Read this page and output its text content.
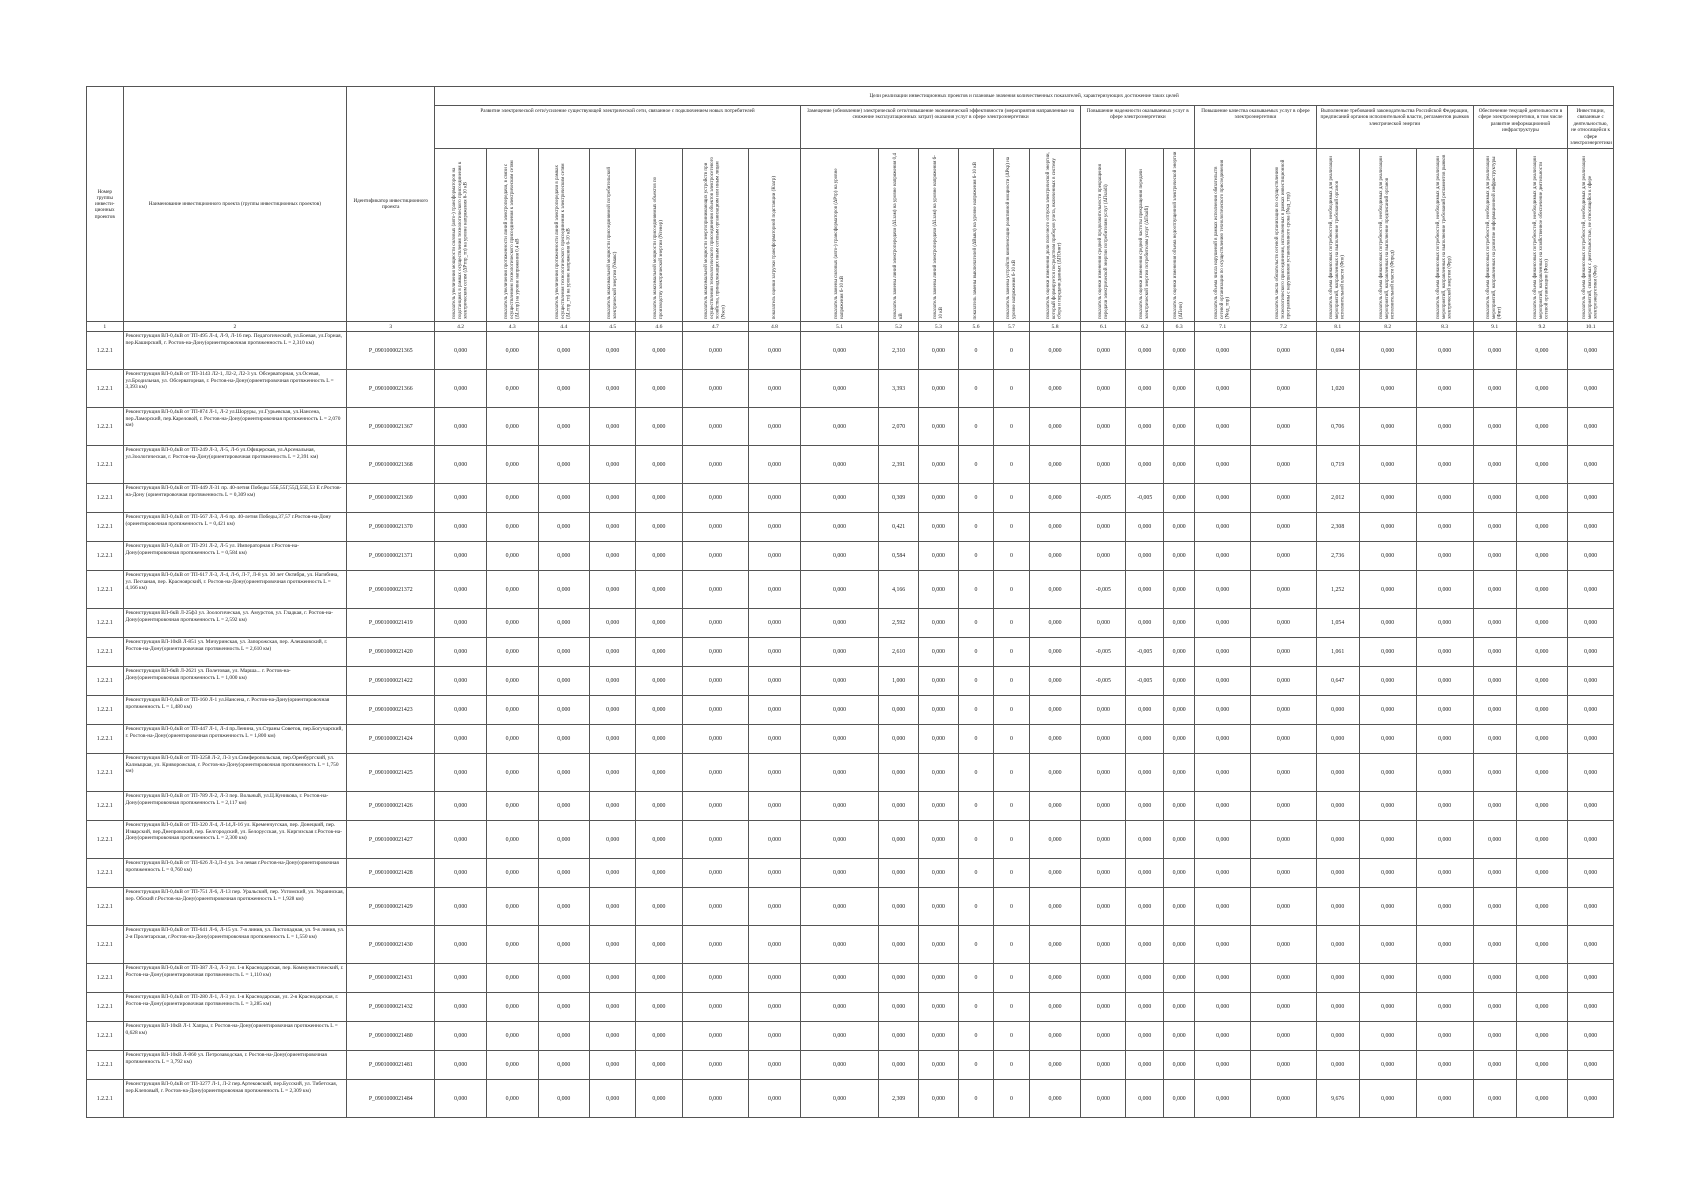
Номер группы инвести-ционных проектов	Наименование инвестиционного проекта (группы инвестиционных проектов)	Идентификатор инвестиционного проекта	Цели реализации инвестиционных проектов и плановые значения количественных показателей, характеризующих достижение таких целей																							
			Развитие электрической сети/усиление существующей электрической сети, связанное с подключением новых потребителей							Замещение (обновление) электрической сети/повышение экономической эффективности (мероприятия направленные на снижение эксплуатационных затрат) оказания услуг в сфере электроэнергетики						Повышение надежности оказываемых услуг в сфере электроэнергетики			Повышение качества оказываемых услуг в сфере электроэнергетики		Выполнение требований законодательства Российской Федерации, предписаний органов исполнительной власти, регламентов рынков электрической энергии			Обеспечение текущей деятельности в сфере электроэнергетики, в том числе развитие информационной инфраструктуры		Инвестиции, связанные с деятельностью, не относящейся к сфере электроэнергетики

			показатель увеличения мощности силовых (авто-) трансформаторов на подстанциях в рамках осуществления технологического присоединения к электрическим сетям (ΔPтпр_тп) на уровне напряжения 6-10 кВ	показатель увеличения протяженности линий электропередачи, в связи с осуществлением технологического присоединения к электрическим сетям (ΔLтпр) на уровне напряжения 0,4 кВ	показатель увеличения протяженности линий электропередачи в рамках осуществления технологического присоединения к электрическим сетям (ΔLтпр_тп) на уровне напряжения 6-10 кВ	показатель максимальной мощности присоединяемой потребительской электрической энергии (Nмакс)	показатель максимальной мощности присоединяемых объектов по производству электрической энергии (Nгенер)	показатель максимальной мощности энергопринимающих устройств при осуществлении технологического присоединения объектов электросетевого хозяйства, принадлежащих иным сетевым организациям или иным лицам (Nэсо)	показатель оценки загрузки трансформаторной подстанции (Кзагр)	показатель замены силовых (авто-) трансформаторов (ΔPтр) на уровне напряжения 6-10 кВ	показатель замены линий электропередачи (ΔLзам) на уровне напряжения 0,4 кВ	показатель замены линий электропередачи (ΔLзам) на уровне напряжения 6-10 кВ	показатель замены выключателей (ΔВыкл) на уровне напряжения 6-10 кВ	показатель замены устройств компенсации реактивной мощности (ΔPкр) на уровне напряжения 6-10 кВ	показатель оценки изменения доли полезного отпуска электрической энергии, который формируется посредством приборов учета, включенных в систему сбора и передачи данных (ΔПОинт)	показатель оценки изменения средней продолжительности прекращения передачи электрической энергии потребителям услуг (ΔПsaidi)	показатель оценки изменения средней частоты прекращения передачи электрической энергии потребителям услуг (ΔПsaifi)	показатель оценки изменения объема недоотпущенной электрической энергии (ΔПens)	показатель объема числа нарушений в рамках исполнения обязательств сетевой организации по осуществлению технологического присоединения (Nнд_тпр)	показатель числа обязательств сетевой организации по осуществлению технологического присоединения, исполненных в рамках инвестиционной программы с нарушением установленного срока (Nнд_тпр)	показатель объема финансовых потребностей, необходимых для реализации мероприятий, направленных на выполнение требований органов исполнительной власти (Фпо)	показатель объема финансовых потребностей, необходимых для реализации мероприятий, направленных на выполнение предписаний органов исполнительной власти (Фпред)	показатель объема финансовых потребностей, необходимых для реализации мероприятий, направленных на выполнение требований регламентов рынков электрической энергии (Фрр)	показатель объема финансовых потребностей, необходимых для реализации мероприятий, направленных на развитие информационной инфраструктуры (Фит)	показатель объема финансовых потребностей, необходимых для реализации мероприятий, направленных на хозяйственное обеспечение деятельности сетевой организации (Фхоз)	показатель объема финансовых потребностей, необходимых для реализации мероприятий, связанных с деятельностью, не относящейся к сфере электроэнергетики (Фнэ)

1	2	3	4.2	4.3	4.4	4.5	4.6	4.7	4.8	5.1	5.2	5.3	5.6	5.7	5.8	6.1	6.2	6.3	7.1	7.2	8.1	8.2	8.3	9.1	9.2	10.1
1.2.2.1	Реконструкция ВЛ-0,4кВ от ТП-495 Л-4, Л-9, Л-16 пер. Педагогический, ул.Боевая, ул.Горная, пер.Каширский, г. Ростов-на-Дону(ориентировочная протяженность L = 2,310 км)	P_0901000021365	0,000	0,000	0,000	0,000	0,000	0,000	0,000	0,000	2,310	0,000	0	0	0,000	0,000	0,000	0,000	0,000	0,000	0,694	0,000	0,000	0,000	0,000	0,000
1.2.2.1	Реконструкция ВЛ-0,4кВ от ТП-3143 Л2-1, Л2-2, Л2-3 ул. Обсерваторная, ул.Осевая, ул.Бродильная, ул. Обсерваторная, г. Ростов-на-Дону(ориентировочная протяженность L = 3,393 км)	P_0901000021366	0,000	0,000	0,000	0,000	0,000	0,000	0,000	0,000	3,393	0,000	0	0	0,000	0,000	0,000	0,000	0,000	0,000	1,020	0,000	0,000	0,000	0,000	0,000
1.2.2.1	Реконструкция ВЛ-0,4кВ от ТП-874 Л-1, Л-2 ул.Шоруры, ул.Гурьевская, ул.Нансена, пер.Ламорский, пер.Кареловой, г. Ростов-на-Дону(ориентировочная протяженность L = 2,070 км)	P_0901000021367	0,000	0,000	0,000	0,000	0,000	0,000	0,000	0,000	2,070	0,000	0	0	0,000	0,000	0,000	0,000	0,000	0,000	0,706	0,000	0,000	0,000	0,000	0,000
1.2.2.1	Реконструкция ВЛ-0,4кВ от ТП-249 Л-3, Л-5, Л-6 ул.Офицерская, ул.Арсенальная, ул.Зоологическая, г. Ростов-на-Дону(ориентировочная протяженность L = 2,391 км)	P_0901000021368	0,000	0,000	0,000	0,000	0,000	0,000	0,000	0,000	2,391	0,000	0	0	0,000	0,000	0,000	0,000	0,000	0,000	0,719	0,000	0,000	0,000	0,000	0,000
1.2.2.1	Реконструкция ВЛ-0,4кВ от ТП-449 Л-31 пр. 40-летия Победы 55Б,55Г,55Д,55Е,53 Е г.Ростов-на-Дону (ориентировочная протяженность L = 0,309 км)	P_0901000021369	0,000	0,000	0,000	0,000	0,000	0,000	0,000	0,000	0,309	0,000	0	0	0,000	-0,005	-0,005	0,000	0,000	0,000	2,012	0,000	0,000	0,000	0,000	0,000
1.2.2.1	Реконструкция ВЛ-0,4кВ от ТП-567 Л-3, Л-6 пр. 40-летия Победы,37,57 г.Ростов-на-Дону (ориентировочная протяженность L = 0,421 км)	P_0901000021370	0,000	0,000	0,000	0,000	0,000	0,000	0,000	0,000	0,421	0,000	0	0	0,000	0,000	0,000	0,000	0,000	0,000	2,308	0,000	0,000	0,000	0,000	0,000
1.2.2.1	Реконструкция ВЛ-0,4кВ от ТП-291 Л-2, Л-5 ул. Императорная г.Ростов-на-Дону(ориентировочная протяженность L = 0,584 км)	P_0901000021371	0,000	0,000	0,000	0,000	0,000	0,000	0,000	0,000	0,584	0,000	0	0	0,000	0,000	0,000	0,000	0,000	0,000	2,736	0,000	0,000	0,000	0,000	0,000
1.2.2.1	Реконструкция ВЛ-0,4кВ от ТП-617 Л-3, Л-4, Л-6, Л-7, Л-8 ул. 30 лет Октября, ул. Нагибина, ул. Песчаная, пер. Красноярский, г. Ростов-на-Дону(ориентировочная протяженность L = 4,166 км)	P_0901000021372	0,000	0,000	0,000	0,000	0,000	0,000	0,000	0,000	4,166	0,000	0	0	0,000	-0,005	0,000	0,000	0,000	0,000	1,252	0,000	0,000	0,000	0,000	0,000
1.2.2.1	Реконструкция ВЛ-6кВ Л-25ф3 ул. Зоологическая, ул. Амурстоя, ул. Гладкая, г. Ростов-на-Дону(ориентировочная протяженность L = 2,592 км)	P_0901000021419	0,000	0,000	0,000	0,000	0,000	0,000	0,000	0,000	2,592	0,000	0	0	0,000	0,000	0,000	0,000	0,000	0,000	1,054	0,000	0,000	0,000	0,000	0,000
1.2.2.1	Реконструкция ВЛ-10кВ Л-851 ул. Мичуринская, ул. Запорожская, пер. Алешковский, г. Ростов-на-Дону(ориентировочная протяженность L = 2,610 км)	P_0901000021420	0,000	0,000	0,000	0,000	0,000	0,000	0,000	0,000	2,610	0,000	0	0	0,000	-0,005	-0,005	0,000	0,000	0,000	1,061	0,000	0,000	0,000	0,000	0,000
1.2.2.1	Реконструкция ВЛ-6кВ Л-2621 ул. Полетовая, ул. Марша... г. Ростов-на-Дону(ориентировочная протяженность L = 1,000 км)	P_0901000021422	0,000	0,000	0,000	0,000	0,000	0,000	0,000	0,000	1,000	0,000	0	0	0,000	-0,005	-0,005	0,000	0,000	0,000	0,647	0,000	0,000	0,000	0,000	0,000
1.2.2.1	Реконструкция ВЛ-0,4кВ от ТП-160 Л-1 ул.Нансена, г. Ростов-на-Дону(ориентировочная протяженность L = 1,480 км)	P_0901000021423	0,000	0,000	0,000	0,000	0,000	0,000	0,000	0,000	0,000	0,000	0	0	0,000	0,000	0,000	0,000	0,000	0,000	0,000	0,000	0,000	0,000	0,000	0,000
1.2.2.1	Реконструкция ВЛ-0,4кВ от ТП-447 Л-1, Л-4 пр.Ленина, ул.Страны Советов, пер.Богучарский, г. Ростов-на-Дону(ориентировочная протяженность L = 1,800 км)	P_0901000021424	0,000	0,000	0,000	0,000	0,000	0,000	0,000	0,000	0,000	0,000	0	0	0,000	0,000	0,000	0,000	0,000	0,000	0,000	0,000	0,000	0,000	0,000	0,000
1.2.2.1	Реконструкция ВЛ-0,4кВ от ТП-3258 Л-2, Л-3 ул.Симферопольская, пер.Оренбургский, ул. Калмыцкая, ул. Криворожская, г. Ростов-на-Дону(ориентировочная протяженность L = 1,750 км)	P_0901000021425	0,000	0,000	0,000	0,000	0,000	0,000	0,000	0,000	0,000	0,000	0	0	0,000	0,000	0,000	0,000	0,000	0,000	0,000	0,000	0,000	0,000	0,000	0,000
1.2.2.1	Реконструкция ВЛ-0,4кВ от ТП-789 Л-2, Л-3 пер. Вольный, ул.Ц.Куникова, г. Ростов-на-Дону(ориентировочная протяженность L = 2,117 км)	P_0901000021426	0,000	0,000	0,000	0,000	0,000	0,000	0,000	0,000	0,000	0,000	0	0	0,000	0,000	0,000	0,000	0,000	0,000	0,000	0,000	0,000	0,000	0,000	0,000
1.2.2.1	Реконструкция ВЛ-0,4кВ от ТП-320 Л-4, Л-14,Л-16 ул. Кременчугская, пер. Донецкий, пер. Изварский, пер.Днепровский, пер. Белгородский, ул. Белорусская, ул. Киргизская г.Ростов-на-Дону(ориентировочная протяженность L = 2,300 км)	P_0901000021427	0,000	0,000	0,000	0,000	0,000	0,000	0,000	0,000	0,000	0,000	0	0	0,000	0,000	0,000	0,000	0,000	0,000	0,000	0,000	0,000	0,000	0,000	0,000
1.2.2.1	Реконструкция ВЛ-0,4кВ от ТП-626 Л-3,Л-4 ул. 3-я левая г.Ростов-на-Дону(ориентировочная протяженность L = 0,760 км)	P_0901000021428	0,000	0,000	0,000	0,000	0,000	0,000	0,000	0,000	0,000	0,000	0	0	0,000	0,000	0,000	0,000	0,000	0,000	0,000	0,000	0,000	0,000	0,000	0,000
1.2.2.1	Реконструкция ВЛ-0,4кВ от ТП-751 Л-6, Л-13 пер. Уральский, пер. Ухтомский, ул. Украинская, пер. Обский г.Ростов-на-Дону(ориентировочная протяженность L = 1,928 км)	P_0901000021429	0,000	0,000	0,000	0,000	0,000	0,000	0,000	0,000	0,000	0,000	0	0	0,000	0,000	0,000	0,000	0,000	0,000	0,000	0,000	0,000	0,000	0,000	0,000
1.2.2.1	Реконструкция ВЛ-0,4кВ от ТП-641 Л-6, Л-15 ул. 7-я линия, ул. Листопадная, ул. 9-я линия, ул. 2-я Пролетарская, г.Ростов-на-Дону(ориентировочная протяженность L = 1,550 км)	P_0901000021430	0,000	0,000	0,000	0,000	0,000	0,000	0,000	0,000	0,000	0,000	0	0	0,000	0,000	0,000	0,000	0,000	0,000	0,000	0,000	0,000	0,000	0,000	0,000
1.2.2.1	Реконструкция ВЛ-0,4кВ от ТП-387 Л-3, Л-3 ул. 1-я Краснодарская, пер. Коммунистический, г. Ростов-на-Дону(ориентировочная протяженность L = 1,110 км)	P_0901000021431	0,000	0,000	0,000	0,000	0,000	0,000	0,000	0,000	0,000	0,000	0	0	0,000	0,000	0,000	0,000	0,000	0,000	0,000	0,000	0,000	0,000	0,000	0,000
1.2.2.1	Реконструкция ВЛ-0,4кВ от ТП-280 Л-1, Л-3 ул. 1-я Краснодарская, ул. 2-я Краснодарская, г. Ростов-на-Дону(ориентировочная протяженность L = 3,285 км)	P_0901000021432	0,000	0,000	0,000	0,000	0,000	0,000	0,000	0,000	0,000	0,000	0	0	0,000	0,000	0,000	0,000	0,000	0,000	0,000	0,000	0,000	0,000	0,000	0,000
1.2.2.1	Реконструкция ВЛ-10кВ Л-1 Хапры, г. Ростов-на-Дону(ориентировочная протяженность L = 0,628 км)	P_0901000021480	0,000	0,000	0,000	0,000	0,000	0,000	0,000	0,000	0,000	0,000	0	0	0,000	0,000	0,000	0,000	0,000	0,000	0,000	0,000	0,000	0,000	0,000	0,000
1.2.2.1	Реконструкция ВЛ-10кВ Л-860 ул. Петрозаводская, г. Ростов-на-Дону(ориентировочная протяженность L = 3,792 км)	P_0901000021481	0,000	0,000	0,000	0,000	0,000	0,000	0,000	0,000	0,000	0,000	0	0	0,000	0,000	0,000	0,000	0,000	0,000	0,000	0,000	0,000	0,000	0,000	0,000
1.2.2.1	Реконструкция ВЛ-0,4кВ от ТП-3277 Л-1, Л-2 пер.Артековский, пер.Бусский, ул. Тибетская, пер.Клеповый, г. Ростов-на-Дону(ориентировочная протяженность L = 2,309 км)	P_0901000021484	0,000	0,000	0,000	0,000	0,000	0,000	0,000	0,000	2,309	0,000	0	0	0,000	0,000	0,000	0,000	0,000	0,000	9,676	0,000	0,000	0,000	0,000	0,000
